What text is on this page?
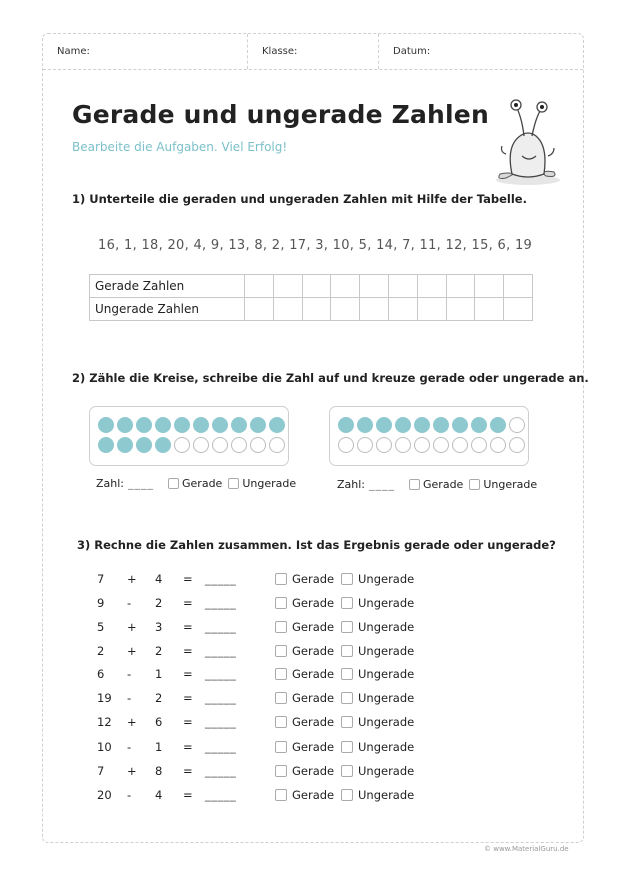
Name:	Klasse:	Datum:
Gerade und ungerade Zahlen
Bearbeite die Aufgaben. Viel Erfolg!
1) Unterteile die geraden und ungeraden Zahlen mit Hilfe der Tabelle.
16, 1, 18, 20, 4, 9, 13, 8, 2, 17, 3, 10, 5, 14, 7, 11, 12, 15, 6, 19
Gerade Zahlen										
Ungerade Zahlen										
2) Zähle die Kreise, schreibe die Zahl auf und kreuze gerade oder ungerade an.
Zahl: ____	Gerade Ungerade	Zahl: ____	Gerade Ungerade
3) Rechne die Zahlen zusammen. Ist das Ergebnis gerade oder ungerade?
7	+	4	=	_____	Gerade Ungerade
9	-	2	=	_____	Gerade Ungerade
5	+	3	=	_____	Gerade Ungerade
2	+	2	=	_____	Gerade Ungerade
6	-	1	=	_____	Gerade Ungerade
19	-	2	=	_____	Gerade Ungerade
12	+	6	=	_____	Gerade Ungerade
10	-	1	=	_____	Gerade Ungerade
7	+	8	=	_____	Gerade Ungerade
20	-	4	=	_____	Gerade Ungerade
© www.MaterialGuru.de
